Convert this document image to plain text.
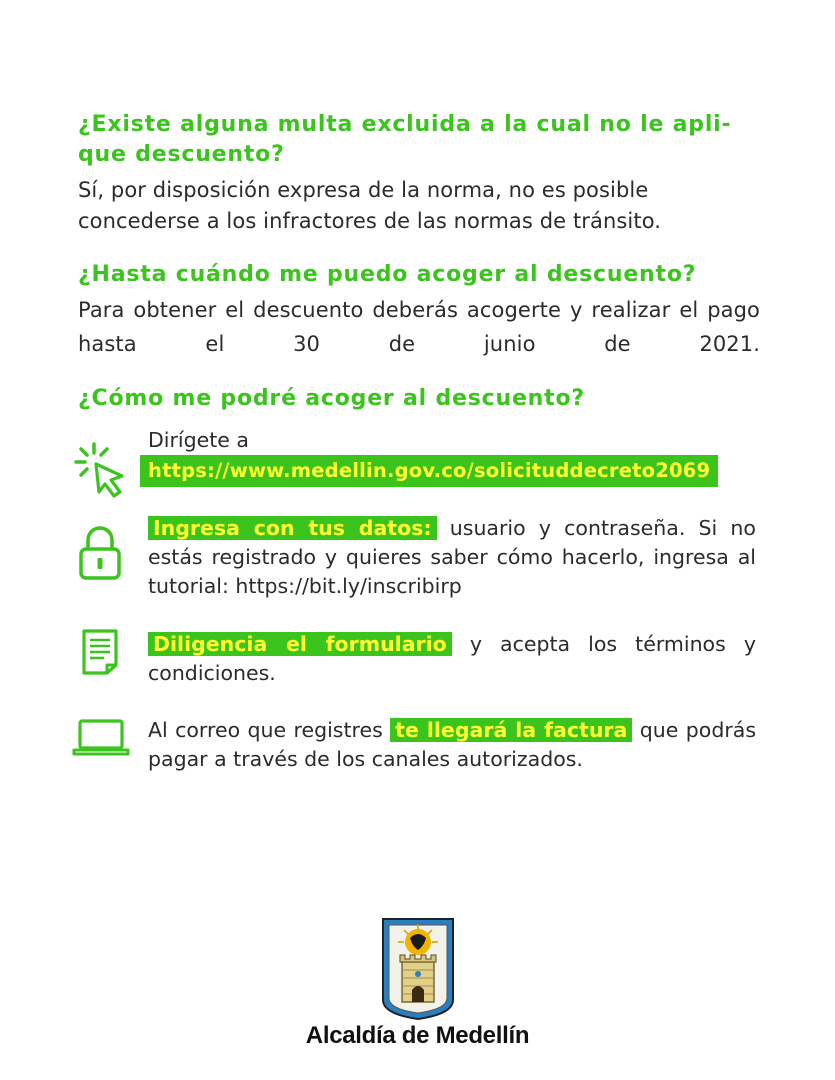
¿Existe alguna multa excluida a la cual no le apli-
que descuento?

Sí, por disposición expresa de la norma, no es posible concederse a los infractores de las normas de tránsito.

¿Hasta cuándo me puedo acoger al descuento?

Para obtener el descuento deberás acogerte y realizar el pago hasta el 30 de junio de 2021.

¿Cómo me podré acoger al descuento?
Dirígete a
https://www.medellin.gov.co/solicituddecreto2069
Ingresa con tus datos: usuario y contraseña. Si no estás registrado y quieres saber cómo hacerlo, ingresa al tutorial: https://bit.ly/inscribirp
Diligencia el formulario y acepta los términos y condiciones.
Al correo que registres te llegará la factura que podrás pagar a través de los canales autorizados.
Alcaldía de Medellín
